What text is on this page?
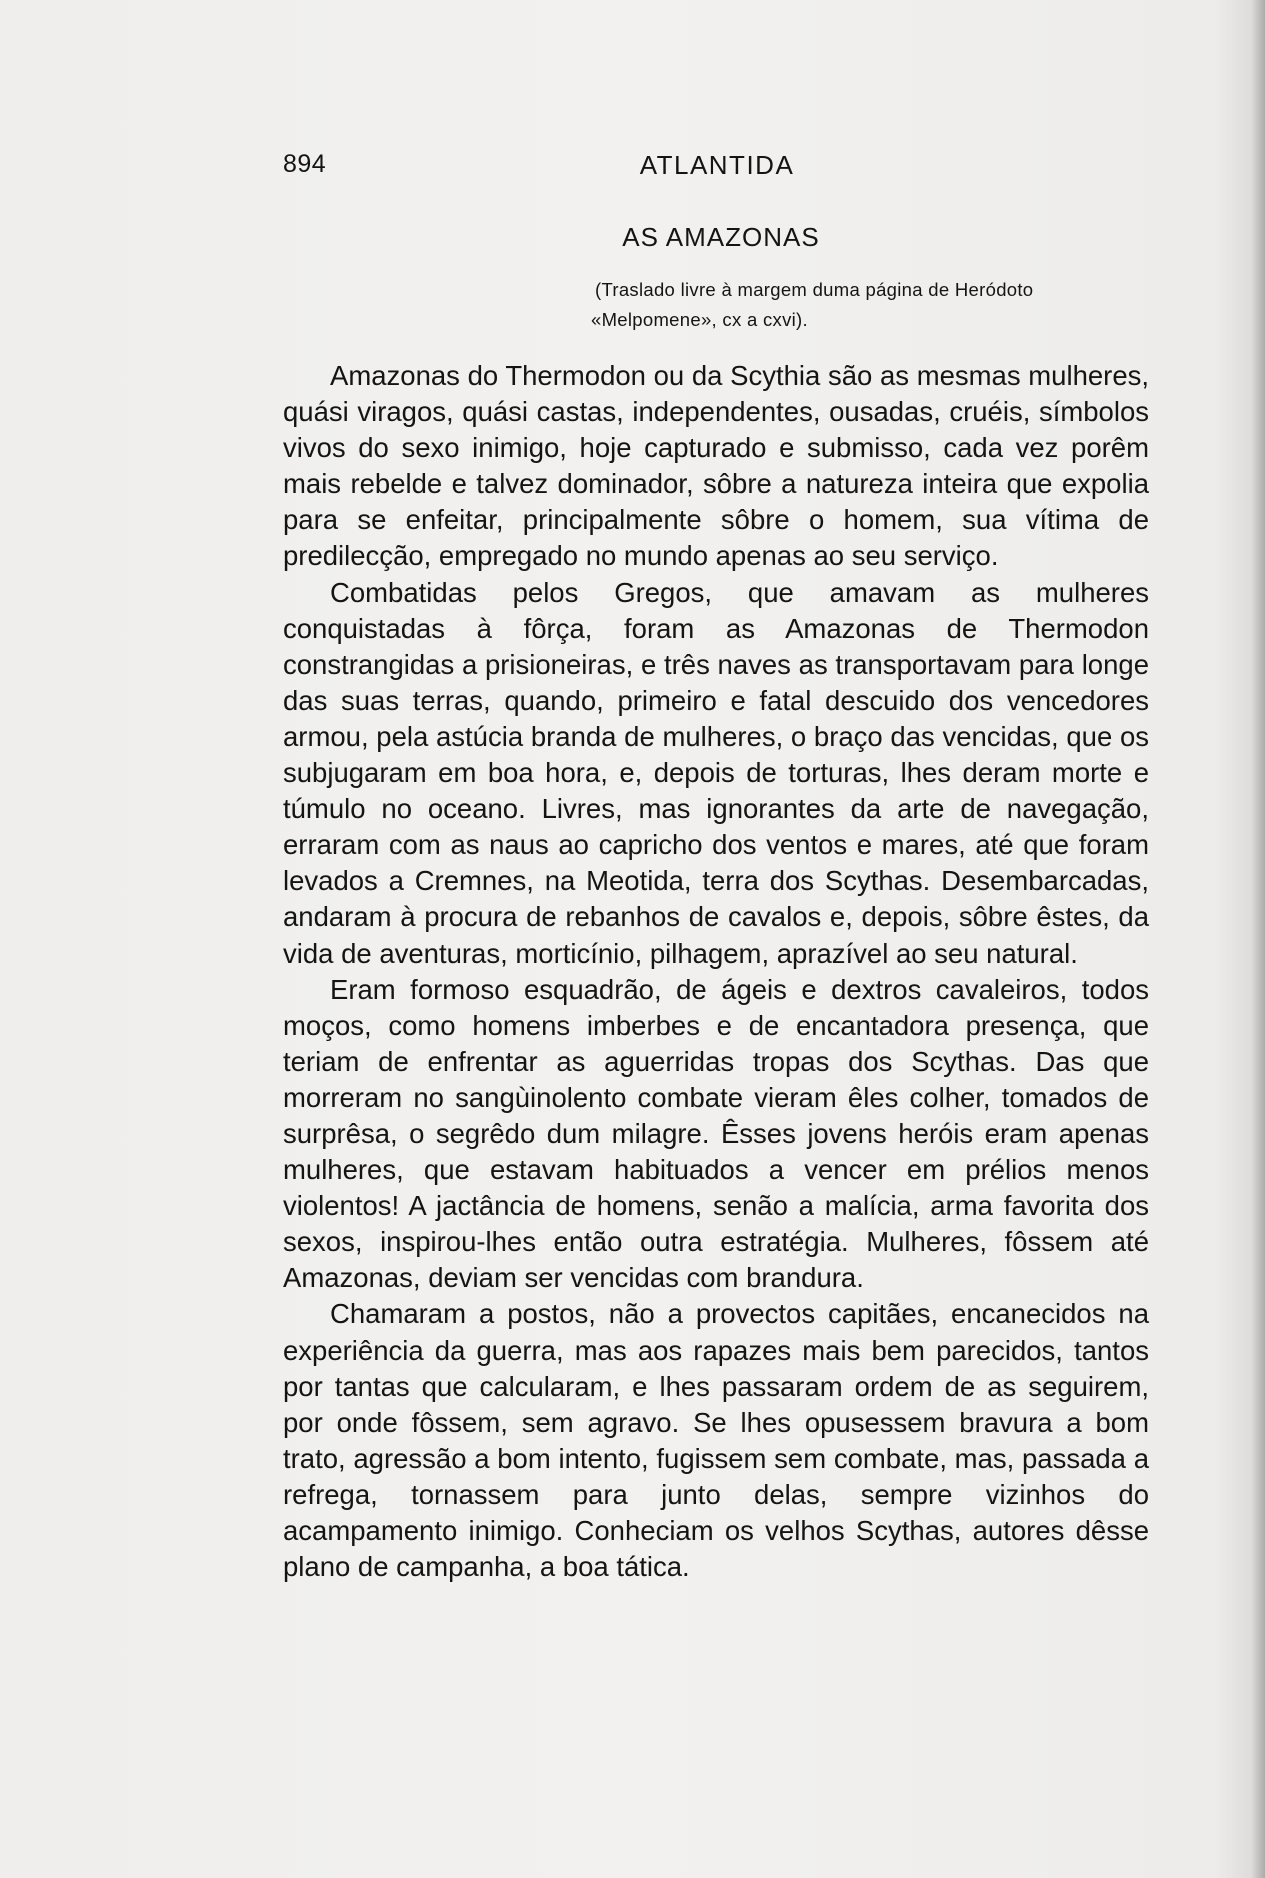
894	ATLANTIDA
AS AMAZONAS
(Traslado livre à margem duma página de Heródoto
«Melpomene», cx a cxvi).

Amazonas do Thermodon ou da Scythia são as mesmas mulheres, quási viragos, quási castas, independentes, ousadas, cruéis, símbolos vivos do sexo inimigo, hoje capturado e submisso, cada vez porêm mais rebelde e talvez dominador, sôbre a natureza inteira que expolia para se enfeitar, principalmente sôbre o homem, sua vítima de predilecção, empregado no mundo apenas ao seu serviço.

Combatidas pelos Gregos, que amavam as mulheres conquistadas à fôrça, foram as Amazonas de Thermodon constrangidas a prisioneiras, e três naves as transportavam para longe das suas terras, quando, primeiro e fatal descuido dos vencedores armou, pela astúcia branda de mulheres, o braço das vencidas, que os subjugaram em boa hora, e, depois de torturas, lhes deram morte e túmulo no oceano. Livres, mas ignorantes da arte de navegação, erraram com as naus ao capricho dos ventos e mares, até que foram levados a Cremnes, na Meotida, terra dos Scythas. Desembarcadas, andaram à procura de rebanhos de cavalos e, depois, sôbre êstes, da vida de aventuras, morticínio, pilhagem, aprazível ao seu natural.

Eram formoso esquadrão, de ágeis e dextros cavaleiros, todos moços, como homens imberbes e de encantadora presença, que teriam de enfrentar as aguerridas tropas dos Scythas. Das que morreram no sangùinolento combate vieram êles colher, tomados de surprêsa, o segrêdo dum milagre. Êsses jovens heróis eram apenas mulheres, que estavam habituados a vencer em prélios menos violentos! A jactância de homens, senão a malícia, arma favorita dos sexos, inspirou-lhes então outra estratégia. Mulheres, fôssem até Amazonas, deviam ser vencidas com brandura.

Chamaram a postos, não a provectos capitães, encanecidos na experiência da guerra, mas aos rapazes mais bem parecidos, tantos por tantas que calcularam, e lhes passaram ordem de as seguirem, por onde fôssem, sem agravo. Se lhes opusessem bravura a bom trato, agressão a bom intento, fugissem sem combate, mas, passada a refrega, tornassem para junto delas, sempre vizinhos do acampamento inimigo. Conheciam os velhos Scythas, autores dêsse plano de campanha, a boa tática.
